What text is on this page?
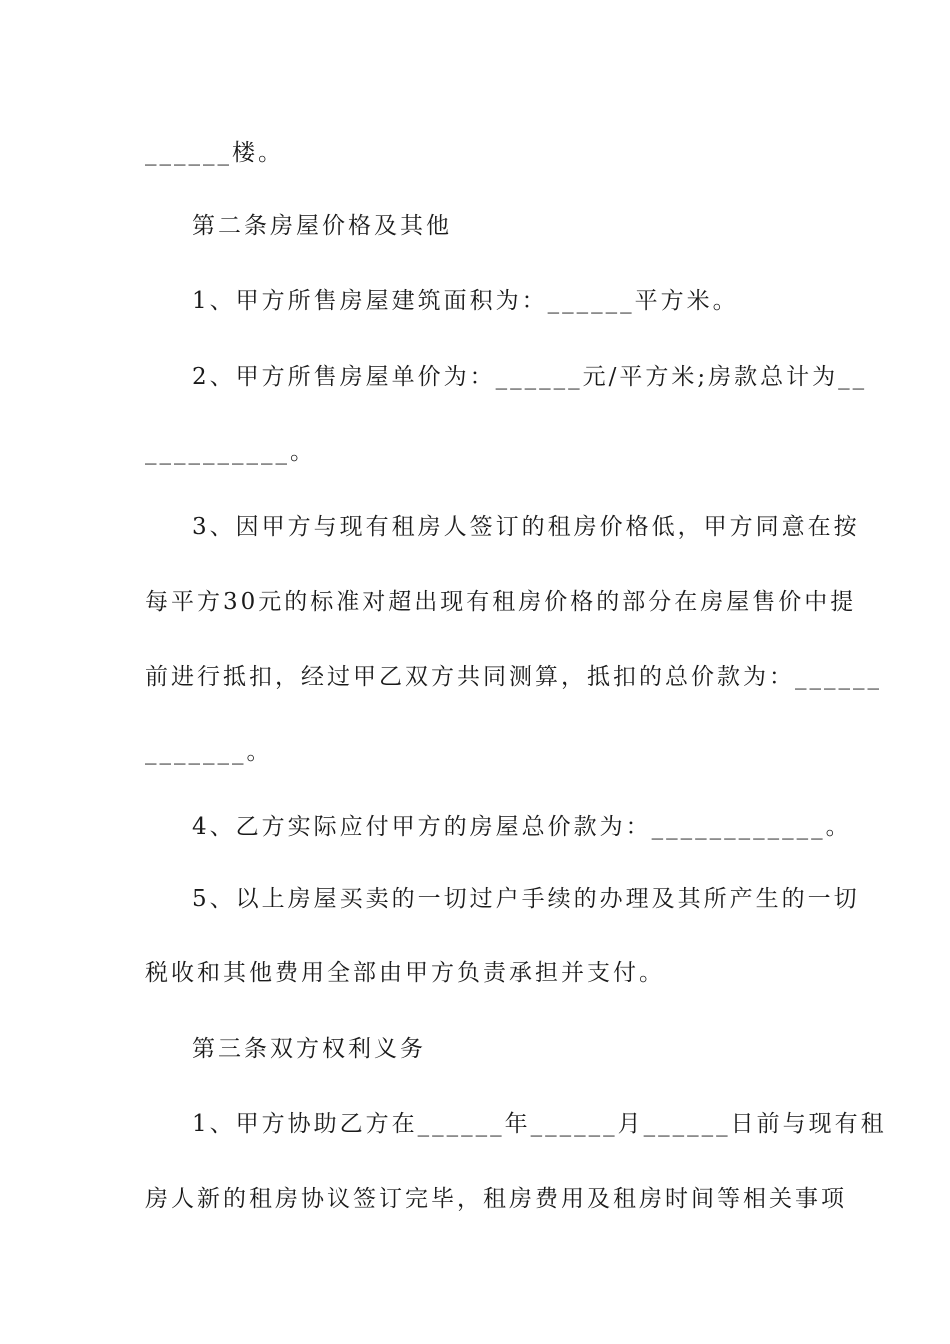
______楼。
第二条房屋价格及其他
1、甲方所售房屋建筑面积为：______平方米。
2、甲方所售房屋单价为：______元/平方米;房款总计为__
__________。
3、因甲方与现有租房人签订的租房价格低，甲方同意在按
每平方30元的标准对超出现有租房价格的部分在房屋售价中提
前进行抵扣，经过甲乙双方共同测算，抵扣的总价款为：______
_______。
4、乙方实际应付甲方的房屋总价款为：____________。
5、以上房屋买卖的一切过户手续的办理及其所产生的一切
税收和其他费用全部由甲方负责承担并支付。
第三条双方权利义务
1、甲方协助乙方在______年______月______日前与现有租
房人新的租房协议签订完毕，租房费用及租房时间等相关事项
